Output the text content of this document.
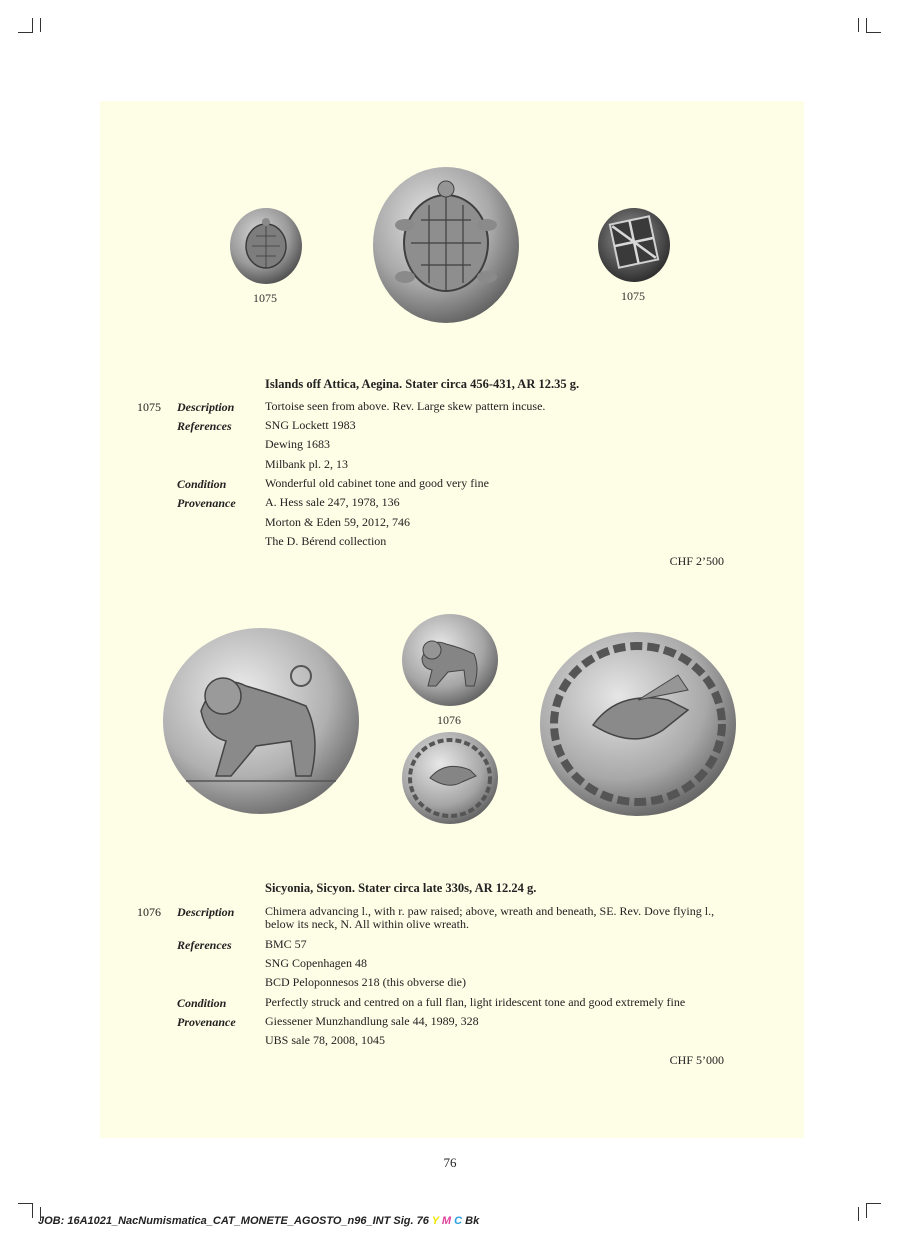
1075	1075
Islands off Attica, Aegina. Stater circa 456-431, AR 12.35 g.
1075 Description	Tortoise seen from above. Rev. Large skew pattern incuse.
References	SNG Lockett 1983
Dewing 1683
Milbank pl. 2, 13
Condition	Wonderful old cabinet tone and good very fine
Provenance A. Hess sale 247, 1978, 136
Morton & Eden 59, 2012, 746
The D. Bérend collection
CHF 2’500
1076
Sicyonia, Sicyon. Stater circa late 330s, AR 12.24 g.
1076 Description	Chimera advancing l., with r. paw raised; above, wreath and beneath, SE. Rev. Dove flying l., below its neck, N. All within olive wreath.
References	BMC 57
SNG Copenhagen 48
BCD Peloponnesos 218 (this obverse die)
Condition	Perfectly struck and centred on a full flan, light iridescent tone and good extremely fine
Provenance Giessener Munzhandlung sale 44, 1989, 328
UBS sale 78, 2008, 1045
CHF 5’000
76
JOB: 16A1021_NacNumismatica_CAT_MONETE_AGOSTO_n96_INT Sig. 76 Y M C Bk
